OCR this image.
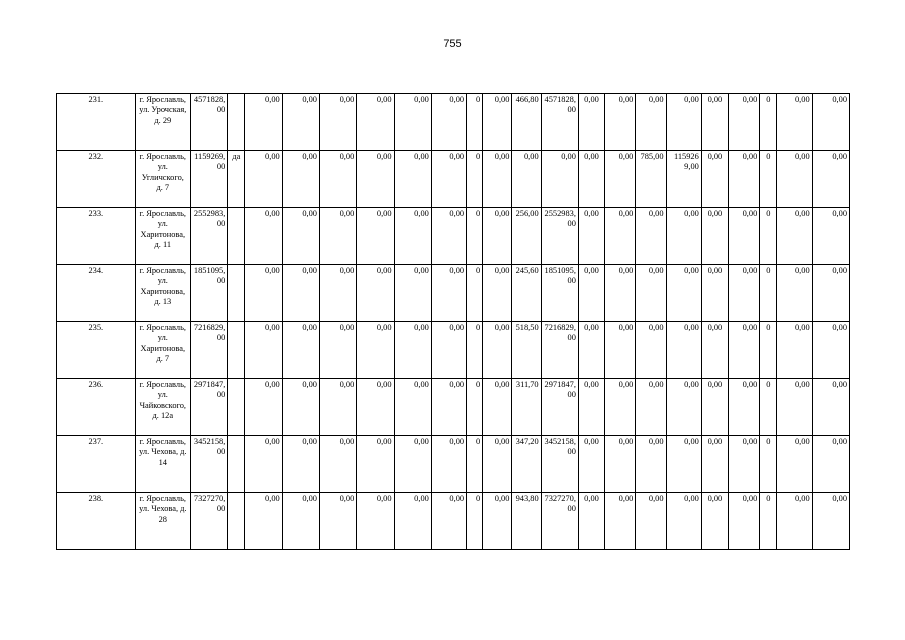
755
231.	г. Ярославль, ул. Урочская, д. 29	4571828,00		0,00	0,00	0,00	0,00	0,00	0,00	0	0,00	466,80	4571828,00	0,00	0,00	0,00	0,00	0,00	0,00	0	0,00	0,00
232.	г. Ярославль, ул. Угличского, д. 7	1159269,00	да	0,00	0,00	0,00	0,00	0,00	0,00	0	0,00	0,00	0,00	0,00	0,00	785,00	1159269,00	0,00	0,00	0	0,00	0,00
233.	г. Ярославль, ул. Харитонова, д. 11	2552983,00		0,00	0,00	0,00	0,00	0,00	0,00	0	0,00	256,00	2552983,00	0,00	0,00	0,00	0,00	0,00	0,00	0	0,00	0,00
234.	г. Ярославль, ул. Харитонова, д. 13	1851095,00		0,00	0,00	0,00	0,00	0,00	0,00	0	0,00	245,60	1851095,00	0,00	0,00	0,00	0,00	0,00	0,00	0	0,00	0,00
235.	г. Ярославль, ул. Харитонова, д. 7	7216829,00		0,00	0,00	0,00	0,00	0,00	0,00	0	0,00	518,50	7216829,00	0,00	0,00	0,00	0,00	0,00	0,00	0	0,00	0,00
236.	г. Ярославль, ул. Чайковского, д. 12а	2971847,00		0,00	0,00	0,00	0,00	0,00	0,00	0	0,00	311,70	2971847,00	0,00	0,00	0,00	0,00	0,00	0,00	0	0,00	0,00
237.	г. Ярославль, ул. Чехова, д. 14	3452158,00		0,00	0,00	0,00	0,00	0,00	0,00	0	0,00	347,20	3452158,00	0,00	0,00	0,00	0,00	0,00	0,00	0	0,00	0,00
238.	г. Ярославль, ул. Чехова, д. 28	7327270,00		0,00	0,00	0,00	0,00	0,00	0,00	0	0,00	943,80	7327270,00	0,00	0,00	0,00	0,00	0,00	0,00	0	0,00	0,00
